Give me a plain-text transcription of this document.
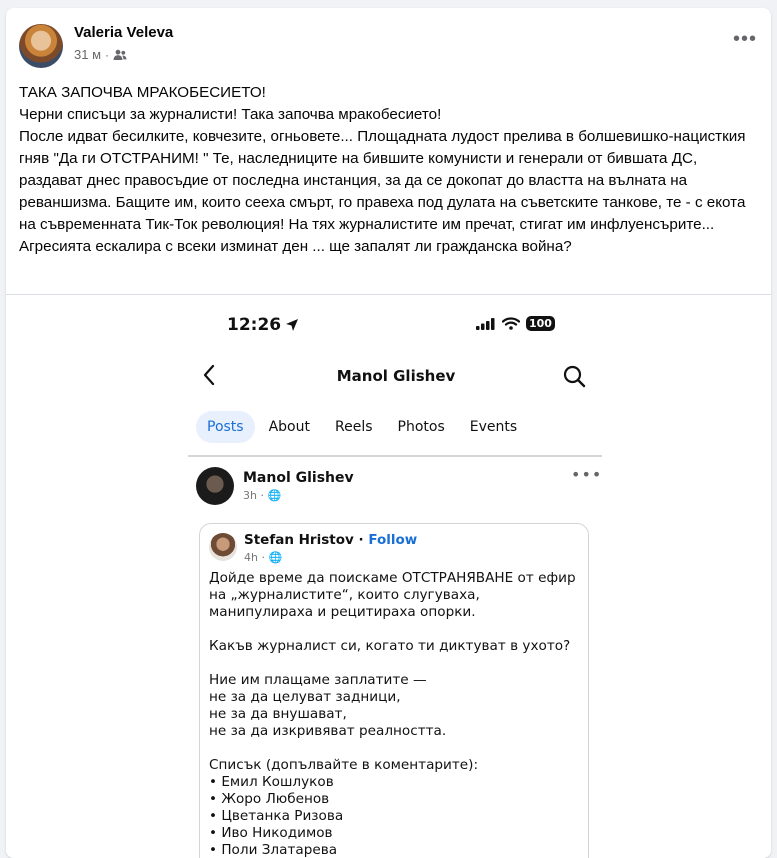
Valeria Veleva
31 м ·
•••
ТАКА ЗАПОЧВА МРАКОБЕСИЕТО!
Черни списъци за журналисти! Така започва мракобесието!
После идват бесилките, ковчезите, огньовете... Площадната лудост прелива в болшевишко-нацисткия гняв "Да ги ОТСТРАНИМ! " Те, наследниците на бившите комунисти и генерали от бившата ДС, раздават днес правосъдие от последна инстанция, за да се докопат до властта на вълната на реваншизма. Бащите им, които сееха смърт, го правеха под дулата на съветските танкове, те - с екота на съвременната Тик-Ток революция! На тях журналистите им пречат, стигат им инфлуенсърите...
Агресията ескалира с всеки изминат ден ... ще запалят ли гражданска война?
12:26	100
Manol Glishev
Posts	About	Reels	Photos	Events
Manol Glishev
3h · 🌐
•••
Stefan Hristov · Follow
4h · 🌐

Дойде време да поискаме ОТСТРАНЯВАНЕ от ефир на „журналистите“, които слугуваха, манипулираха и рецитираха опорки.

Какъв журналист си, когато ти диктуват в ухото?

Ние им плащаме заплатите —

не за да целуват задници,

не за да внушават,

не за да изкривяват реалността.

Списък (допълвайте в коментарите):

• Емил Кошлуков

• Жоро Любенов

• Цветанка Ризова

• Иво Никодимов

• Поли Златарева
